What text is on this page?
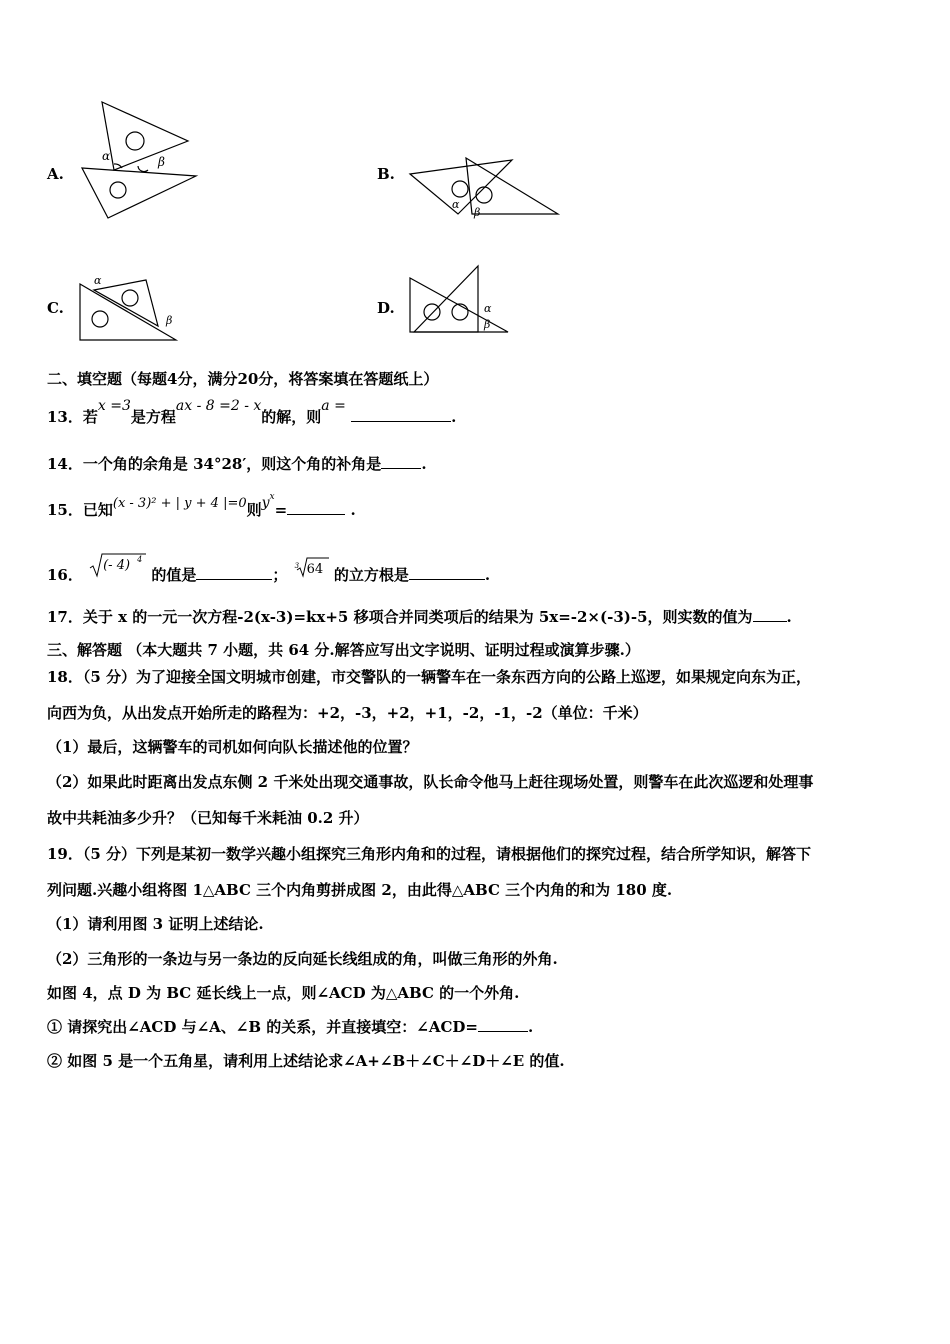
A.	B.
C.	D.
α	β
α
β
α
β
α
β
二、填空题（每题4分，满分20分，将答案填在答题纸上）
13．若x =3是方程ax - 8 =2 - x的解，则a = .
14．一个角的余角是 34°28′，则这个角的补角是	.
15．已知(x - 3)² + | y + 4 |=0则$y^x=$	.
16．
(- 4) 4
的值是	； 3 64 的立方根是	.
17．关于 x 的一元一次方程-2(x-3)=kx+5 移项合并同类项后的结果为 5x=-2×(-3)-5，则实数的值为 .
三、解答题 （本大题共 7 小题，共 64 分.解答应写出文字说明、证明过程或演算步骤.）
18．（5 分）为了迎接全国文明城市创建，市交警队的一辆警车在一条东西方向的公路上巡逻，如果规定向东为正，
向西为负，从出发点开始所走的路程为：+2，-3，+2，+1，-2，-1，-2（单位：千米）
（1）最后，这辆警车的司机如何向队长描述他的位置？
（2）如果此时距离出发点东侧 2 千米处出现交通事故，队长命令他马上赶往现场处置，则警车在此次巡逻和处理事
故中共耗油多少升？（已知每千米耗油 0.2 升）
19．（5 分）下列是某初一数学兴趣小组探究三角形内角和的过程，请根据他们的探究过程，结合所学知识，解答下
列问题.兴趣小组将图 1△ABC 三个内角剪拼成图 2，由此得△ABC 三个内角的和为 180 度.
（1）请利用图 3 证明上述结论.
（2）三角形的一条边与另一条边的反向延长线组成的角，叫做三角形的外角.
如图 4，点 D 为 BC 延长线上一点，则∠ACD 为△ABC 的一个外角.
① 请探究出∠ACD 与∠A、∠B 的关系，并直接填空：∠ACD=	.
② 如图 5 是一个五角星，请利用上述结论求∠A+∠B＋∠C＋∠D＋∠E 的值.
